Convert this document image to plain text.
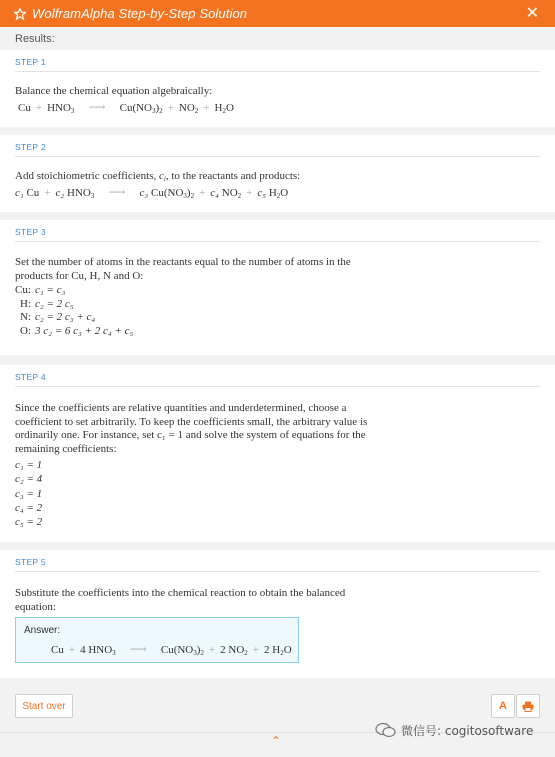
WolframAlpha Step-by-Step Solution	✕
Results:
STEP 1
Balance the chemical equation algebraically:
$Cu + HNO_3$ ⟶ $Cu(NO_3)_2 + NO_2 + H_2O$
STEP 2
Add stoichiometric coefficients, $c_i$, to the reactants and products:
c₁ Cu + c₂ $HNO_3$ ⟶ c₃ $Cu(NO_3)_2 + c_4$ $NO_2 + c_5$ $H_2O$
STEP 3
Set the number of atoms in the reactants equal to the number of atoms in the
products for Cu, H, N and O:
Cu: c₁ = c₃
H: c₂ = 2 c₅
N: c₂ = 2 c₃ + c₄
O: 3 c₂ = 6 c₃ + 2 c₄ + c₅
STEP 4
Since the coefficients are relative quantities and underdetermined, choose a
coefficient to set arbitrarily. To keep the coefficients small, the arbitrary value is
ordinarily one. For instance, set c₁ = 1 and solve the system of equations for the
remaining coefficients:
c₁ = 1
c₂ = 4
c₃ = 1
c₄ = 2
c₅ = 2
STEP 5
Substitute the coefficients into the chemical reaction to obtain the balanced
equation:
Answer:
Cu + 4 $HNO_3$ ⟶ $Cu(NO_3)_2 + 2$ $NO_2 + 2$ $H_2O$
Start over	A
⌃
微信号: cogitosoftware
